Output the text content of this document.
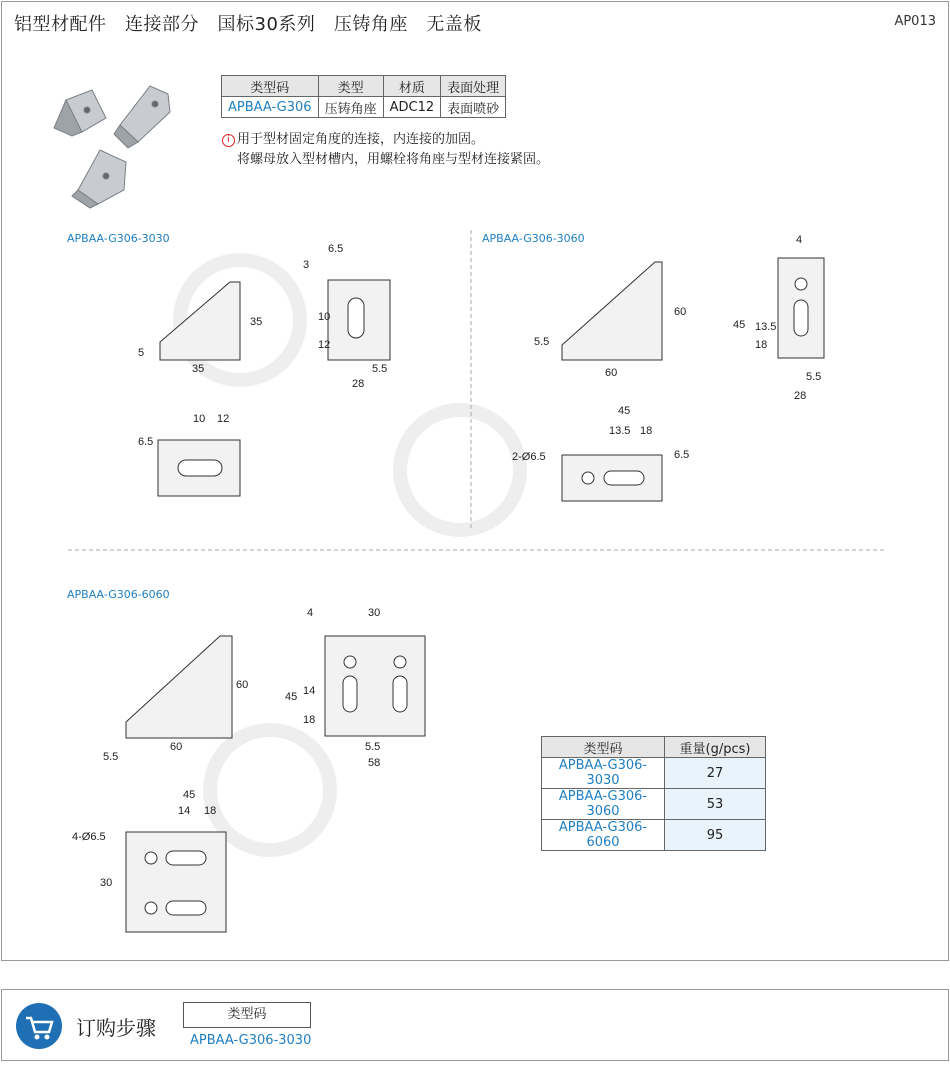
铝型材配件　连接部分　国标30系列　压铸角座　无盖板	AP013
6.5
3
10
12
35
5
35	5.5
28
10 12
6.5
4
60
45 13.5
18
5.5
60	5.5
28
45
13.5 18
2-Ø6.5	6.5
4	30
60
45 14
18
5.5
60	5.5
58
45
14 18
4-Ø6.5
30
类型码	类型	材质	表面处理
APBAA-G306	压铸角座	ADC12	表面喷砂
i 用于型材固定角度的连接，内连接的加固。
将螺母放入型材槽内，用螺栓将角座与型材连接紧固。
APBAA-G306-3030	APBAA-G306-3060
APBAA-G306-6060
类型码	重量(g/pcs)
APBAA-G306-3030	27
APBAA-G306-3060	53
APBAA-G306-6060	95
订购步骤
类型码
APBAA-G306-3030
